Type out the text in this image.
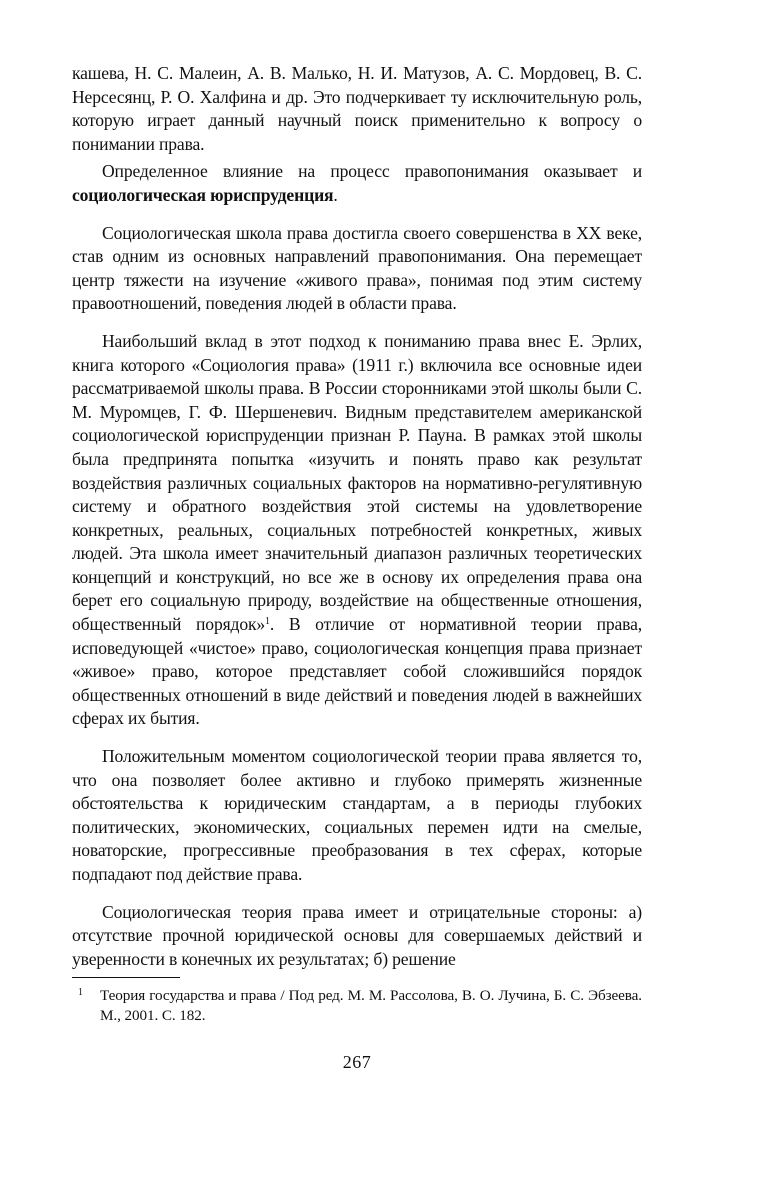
кашева, Н. С. Малеин, А. В. Малько, Н. И. Матузов, А. С. Мордовец, В. С. Нерсесянц, Р. О. Халфина и др. Это подчеркивает ту исключительную роль, которую играет данный научный поиск применительно к вопросу о понимании права.

Определенное влияние на процесс правопонимания оказывает и социологическая юриспруденция.

Социологическая школа права достигла своего совершенства в XX веке, став одним из основных направлений правопонимания. Она перемещает центр тяжести на изучение «живого права», понимая под этим систему правоотношений, поведения людей в области права.

Наибольший вклад в этот подход к пониманию права внес Е. Эрлих, книга которого «Социология права» (1911 г.) включила все основные идеи рассматриваемой школы права. В России сторонниками этой школы были С. М. Муромцев, Г. Ф. Шершеневич. Видным представителем американской социологической юриспруденции признан Р. Пауна. В рамках этой школы была предпринята попытка «изучить и понять право как результат воздействия различных социальных факторов на нормативно-регулятивную систему и обратного воздействия этой системы на удовлетворение конкретных, реальных, социальных потребностей конкретных, живых людей. Эта школа имеет значительный диапазон различных теоретических концепций и конструкций, но все же в основу их определения права она берет его социальную природу, воздействие на общественные отношения, общественный порядок»$^1$. В отличие от нормативной теории права, исповедующей «чистое» право, социологическая концепция права признает «живое» право, которое представляет собой сложившийся порядок общественных отношений в виде действий и поведения людей в важнейших сферах их бытия.

Положительным моментом социологической теории права является то, что она позволяет более активно и глубоко примерять жизненные обстоятельства к юридическим стандартам, а в периоды глубоких политических, экономических, социальных перемен идти на смелые, новаторские, прогрессивные преобразования в тех сферах, которые подпадают под действие права.

Социологическая теория права имеет и отрицательные стороны: а) отсутствие прочной юридической основы для совершаемых действий и уверенности в конечных их результатах; б) решение

1 Теория государства и права / Под ред. М. М. Рассолова, В. О. Лучина, Б. С. Эбзеева. М., 2001. С. 182.

267
